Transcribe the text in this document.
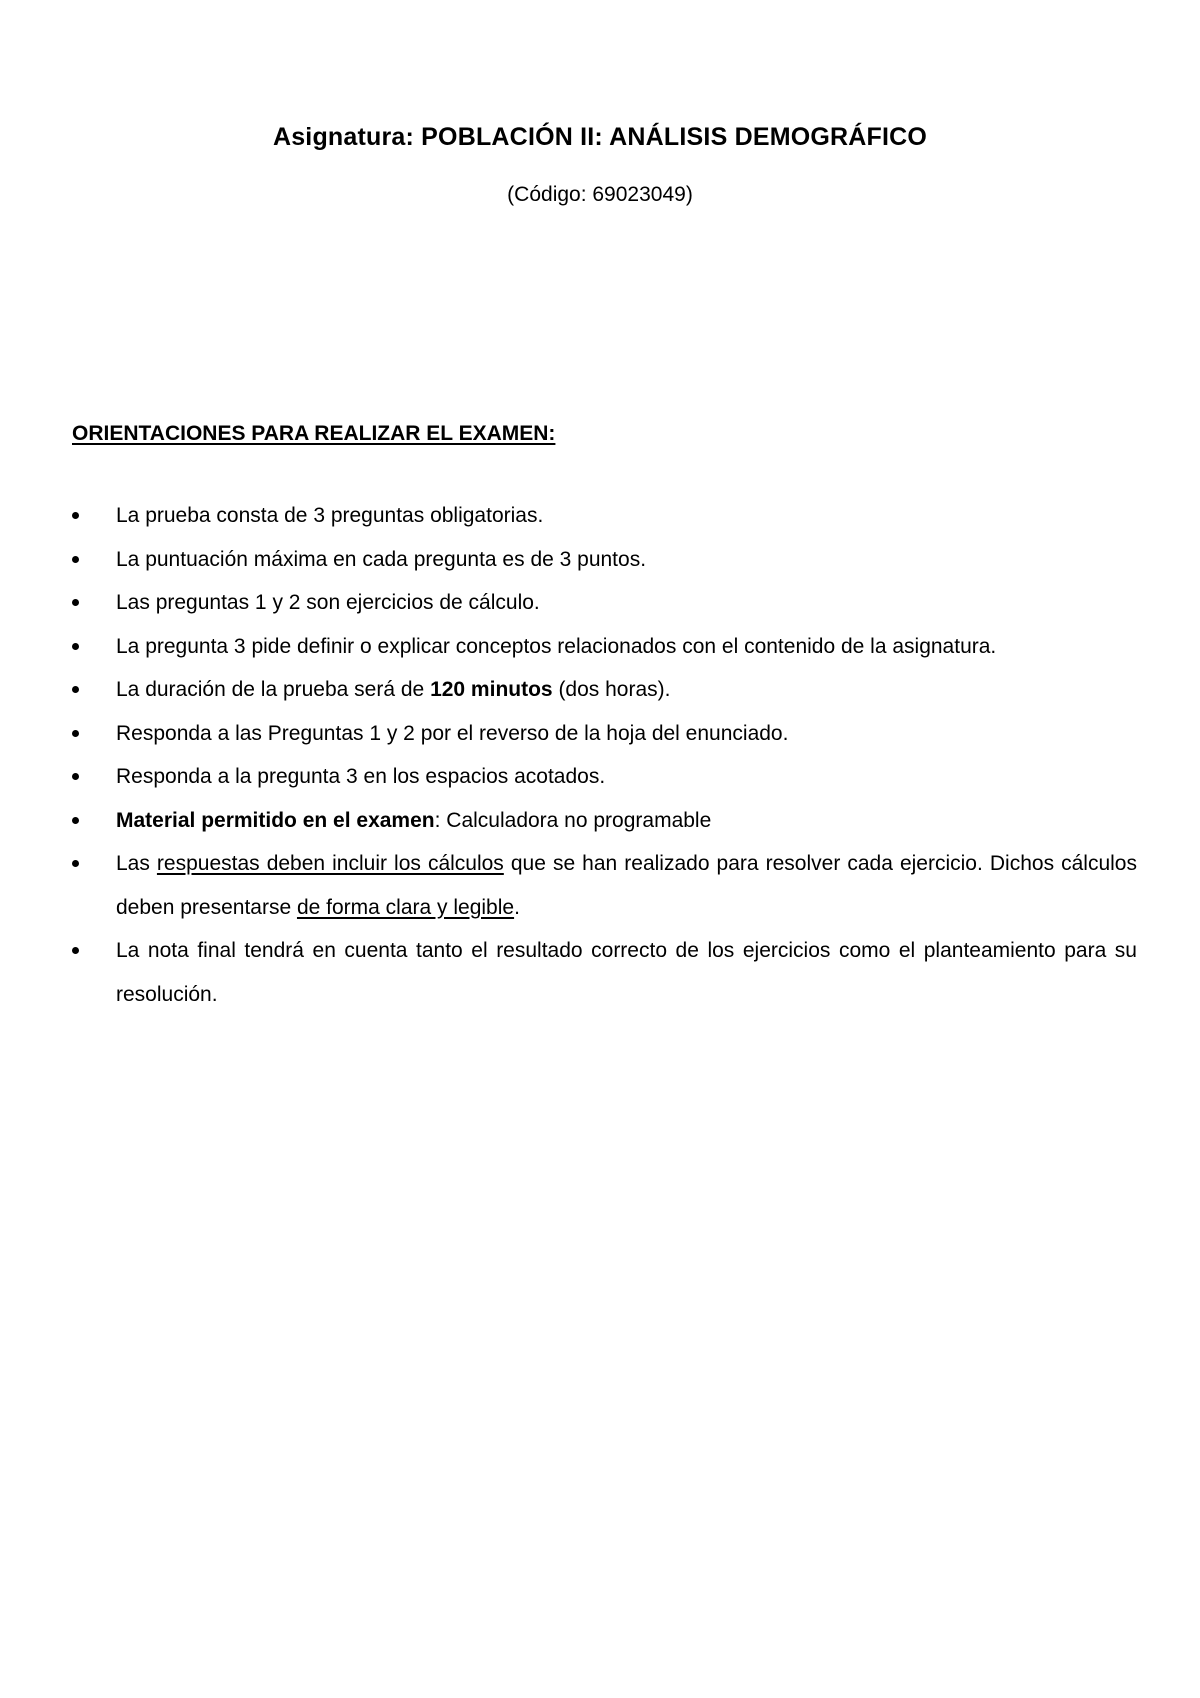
Asignatura: POBLACIÓN II: ANÁLISIS DEMOGRÁFICO
(Código: 69023049)
ORIENTACIONES PARA REALIZAR EL EXAMEN:
La prueba consta de 3 preguntas obligatorias.
La puntuación máxima en cada pregunta es de 3 puntos.
Las preguntas 1 y 2 son ejercicios de cálculo.
La pregunta 3 pide definir o explicar conceptos relacionados con el contenido de la asignatura.
La duración de la prueba será de 120 minutos (dos horas).
Responda a las Preguntas 1 y 2 por el reverso de la hoja del enunciado.
Responda a la pregunta 3 en los espacios acotados.
Material permitido en el examen: Calculadora no programable
Las respuestas deben incluir los cálculos que se han realizado para resolver cada ejercicio. Dichos cálculos deben presentarse de forma clara y legible.
La nota final tendrá en cuenta tanto el resultado correcto de los ejercicios como el planteamiento para su resolución.
